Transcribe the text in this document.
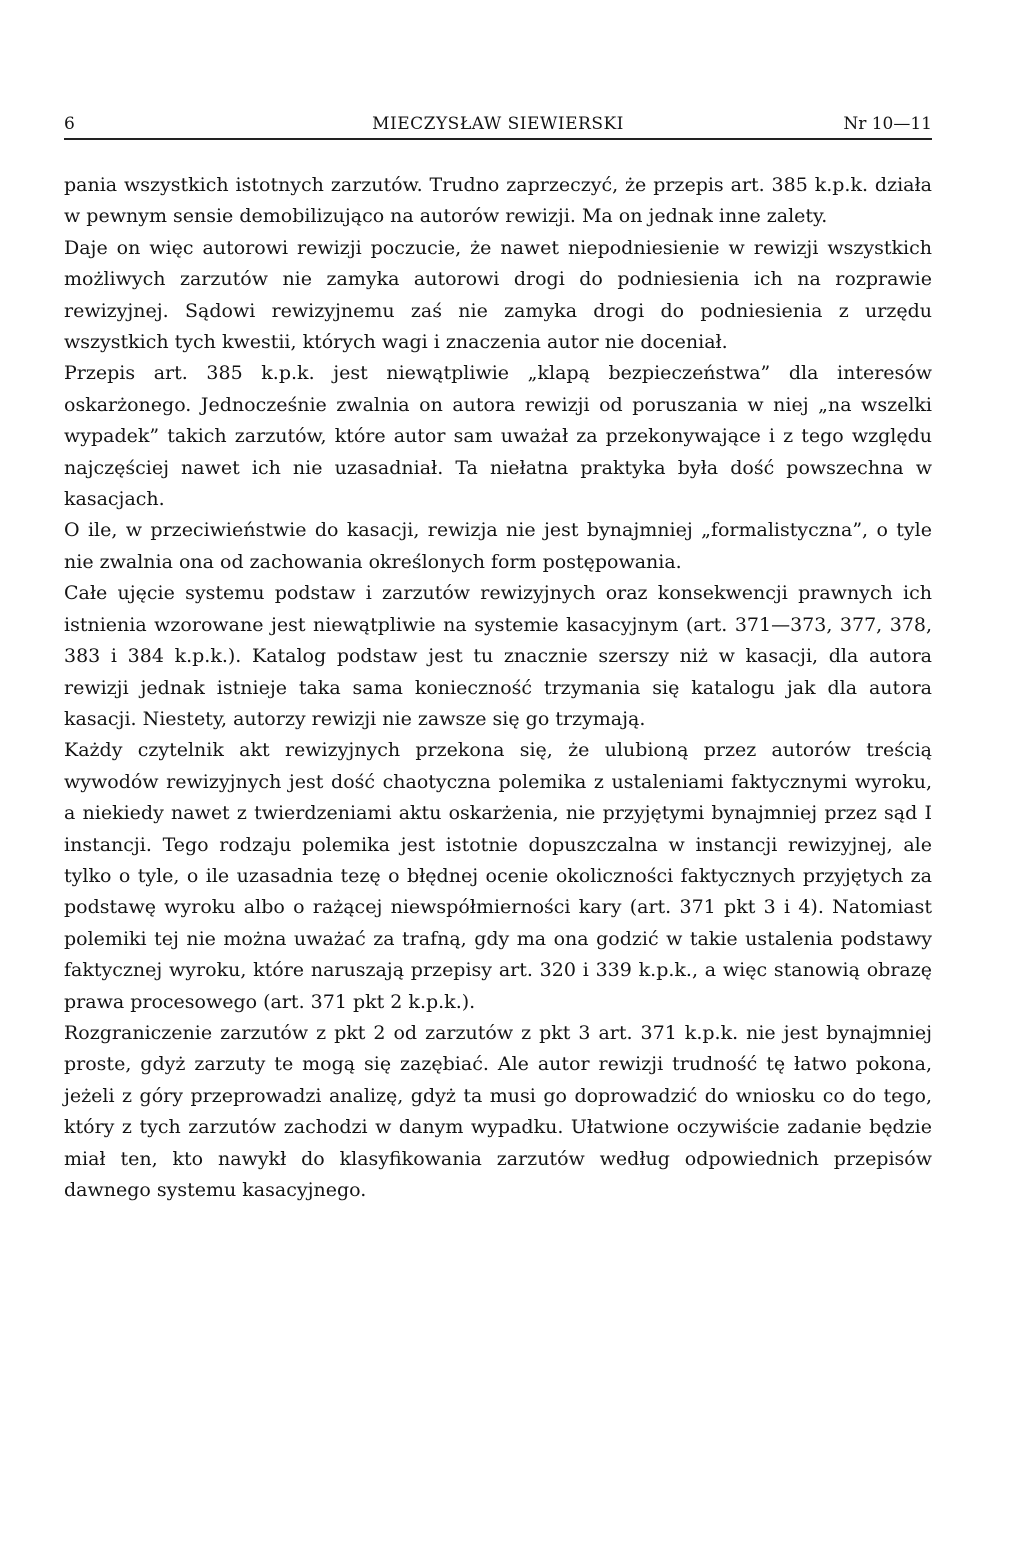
6	MIECZYSŁAW SIEWIERSKI	Nr 10—11

pania wszystkich istotnych zarzutów. Trudno zaprzeczyć, że przepis art. 385 k.p.k. działa w pewnym sensie demobilizująco na autorów rewizji. Ma on jednak inne zalety.

Daje on więc autorowi rewizji poczucie, że nawet niepodniesienie w rewizji wszystkich możliwych zarzutów nie zamyka autorowi drogi do podniesienia ich na rozprawie rewizyjnej. Sądowi rewizyjnemu zaś nie zamyka drogi do podniesienia z urzędu wszystkich tych kwestii, których wagi i znaczenia autor nie doceniał.

Przepis art. 385 k.p.k. jest niewątpliwie „klapą bezpieczeństwa” dla interesów oskarżonego. Jednocześnie zwalnia on autora rewizji od poruszania w niej „na wszelki wypadek” takich zarzutów, które autor sam uważał za przekonywające i z tego względu najczęściej nawet ich nie uzasadniał. Ta niełatna praktyka była dość powszechna w kasacjach.

O ile, w przeciwieństwie do kasacji, rewizja nie jest bynajmniej „formalistyczna”, o tyle nie zwalnia ona od zachowania określonych form postępowania.

Całe ujęcie systemu podstaw i zarzutów rewizyjnych oraz konsekwencji prawnych ich istnienia wzorowane jest niewątpliwie na systemie kasacyjnym (art. 371—373, 377, 378, 383 i 384 k.p.k.). Katalog podstaw jest tu znacznie szerszy niż w kasacji, dla autora rewizji jednak istnieje taka sama konieczność trzymania się katalogu jak dla autora kasacji. Niestety, autorzy rewizji nie zawsze się go trzymają.

Każdy czytelnik akt rewizyjnych przekona się, że ulubioną przez autorów treścią wywodów rewizyjnych jest dość chaotyczna polemika z ustaleniami faktycznymi wyroku, a niekiedy nawet z twierdzeniami aktu oskarżenia, nie przyjętymi bynajmniej przez sąd I instancji. Tego rodzaju polemika jest istotnie dopuszczalna w instancji rewizyjnej, ale tylko o tyle, o ile uzasadnia tezę o błędnej ocenie okoliczności faktycznych przyjętych za podstawę wyroku albo o rażącej niewspółmierności kary (art. 371 pkt 3 i 4). Natomiast polemiki tej nie można uważać za trafną, gdy ma ona godzić w takie ustalenia podstawy faktycznej wyroku, które naruszają przepisy art. 320 i 339 k.p.k., a więc stanowią obrazę prawa procesowego (art. 371 pkt 2 k.p.k.).

Rozgraniczenie zarzutów z pkt 2 od zarzutów z pkt 3 art. 371 k.p.k. nie jest bynajmniej proste, gdyż zarzuty te mogą się zazębiać. Ale autor rewizji trudność tę łatwo pokona, jeżeli z góry przeprowadzi analizę, gdyż ta musi go doprowadzić do wniosku co do tego, który z tych zarzutów zachodzi w danym wypadku. Ułatwione oczywiście zadanie będzie miał ten, kto nawykł do klasyfikowania zarzutów według odpowiednich przepisów dawnego systemu kasacyjnego.
